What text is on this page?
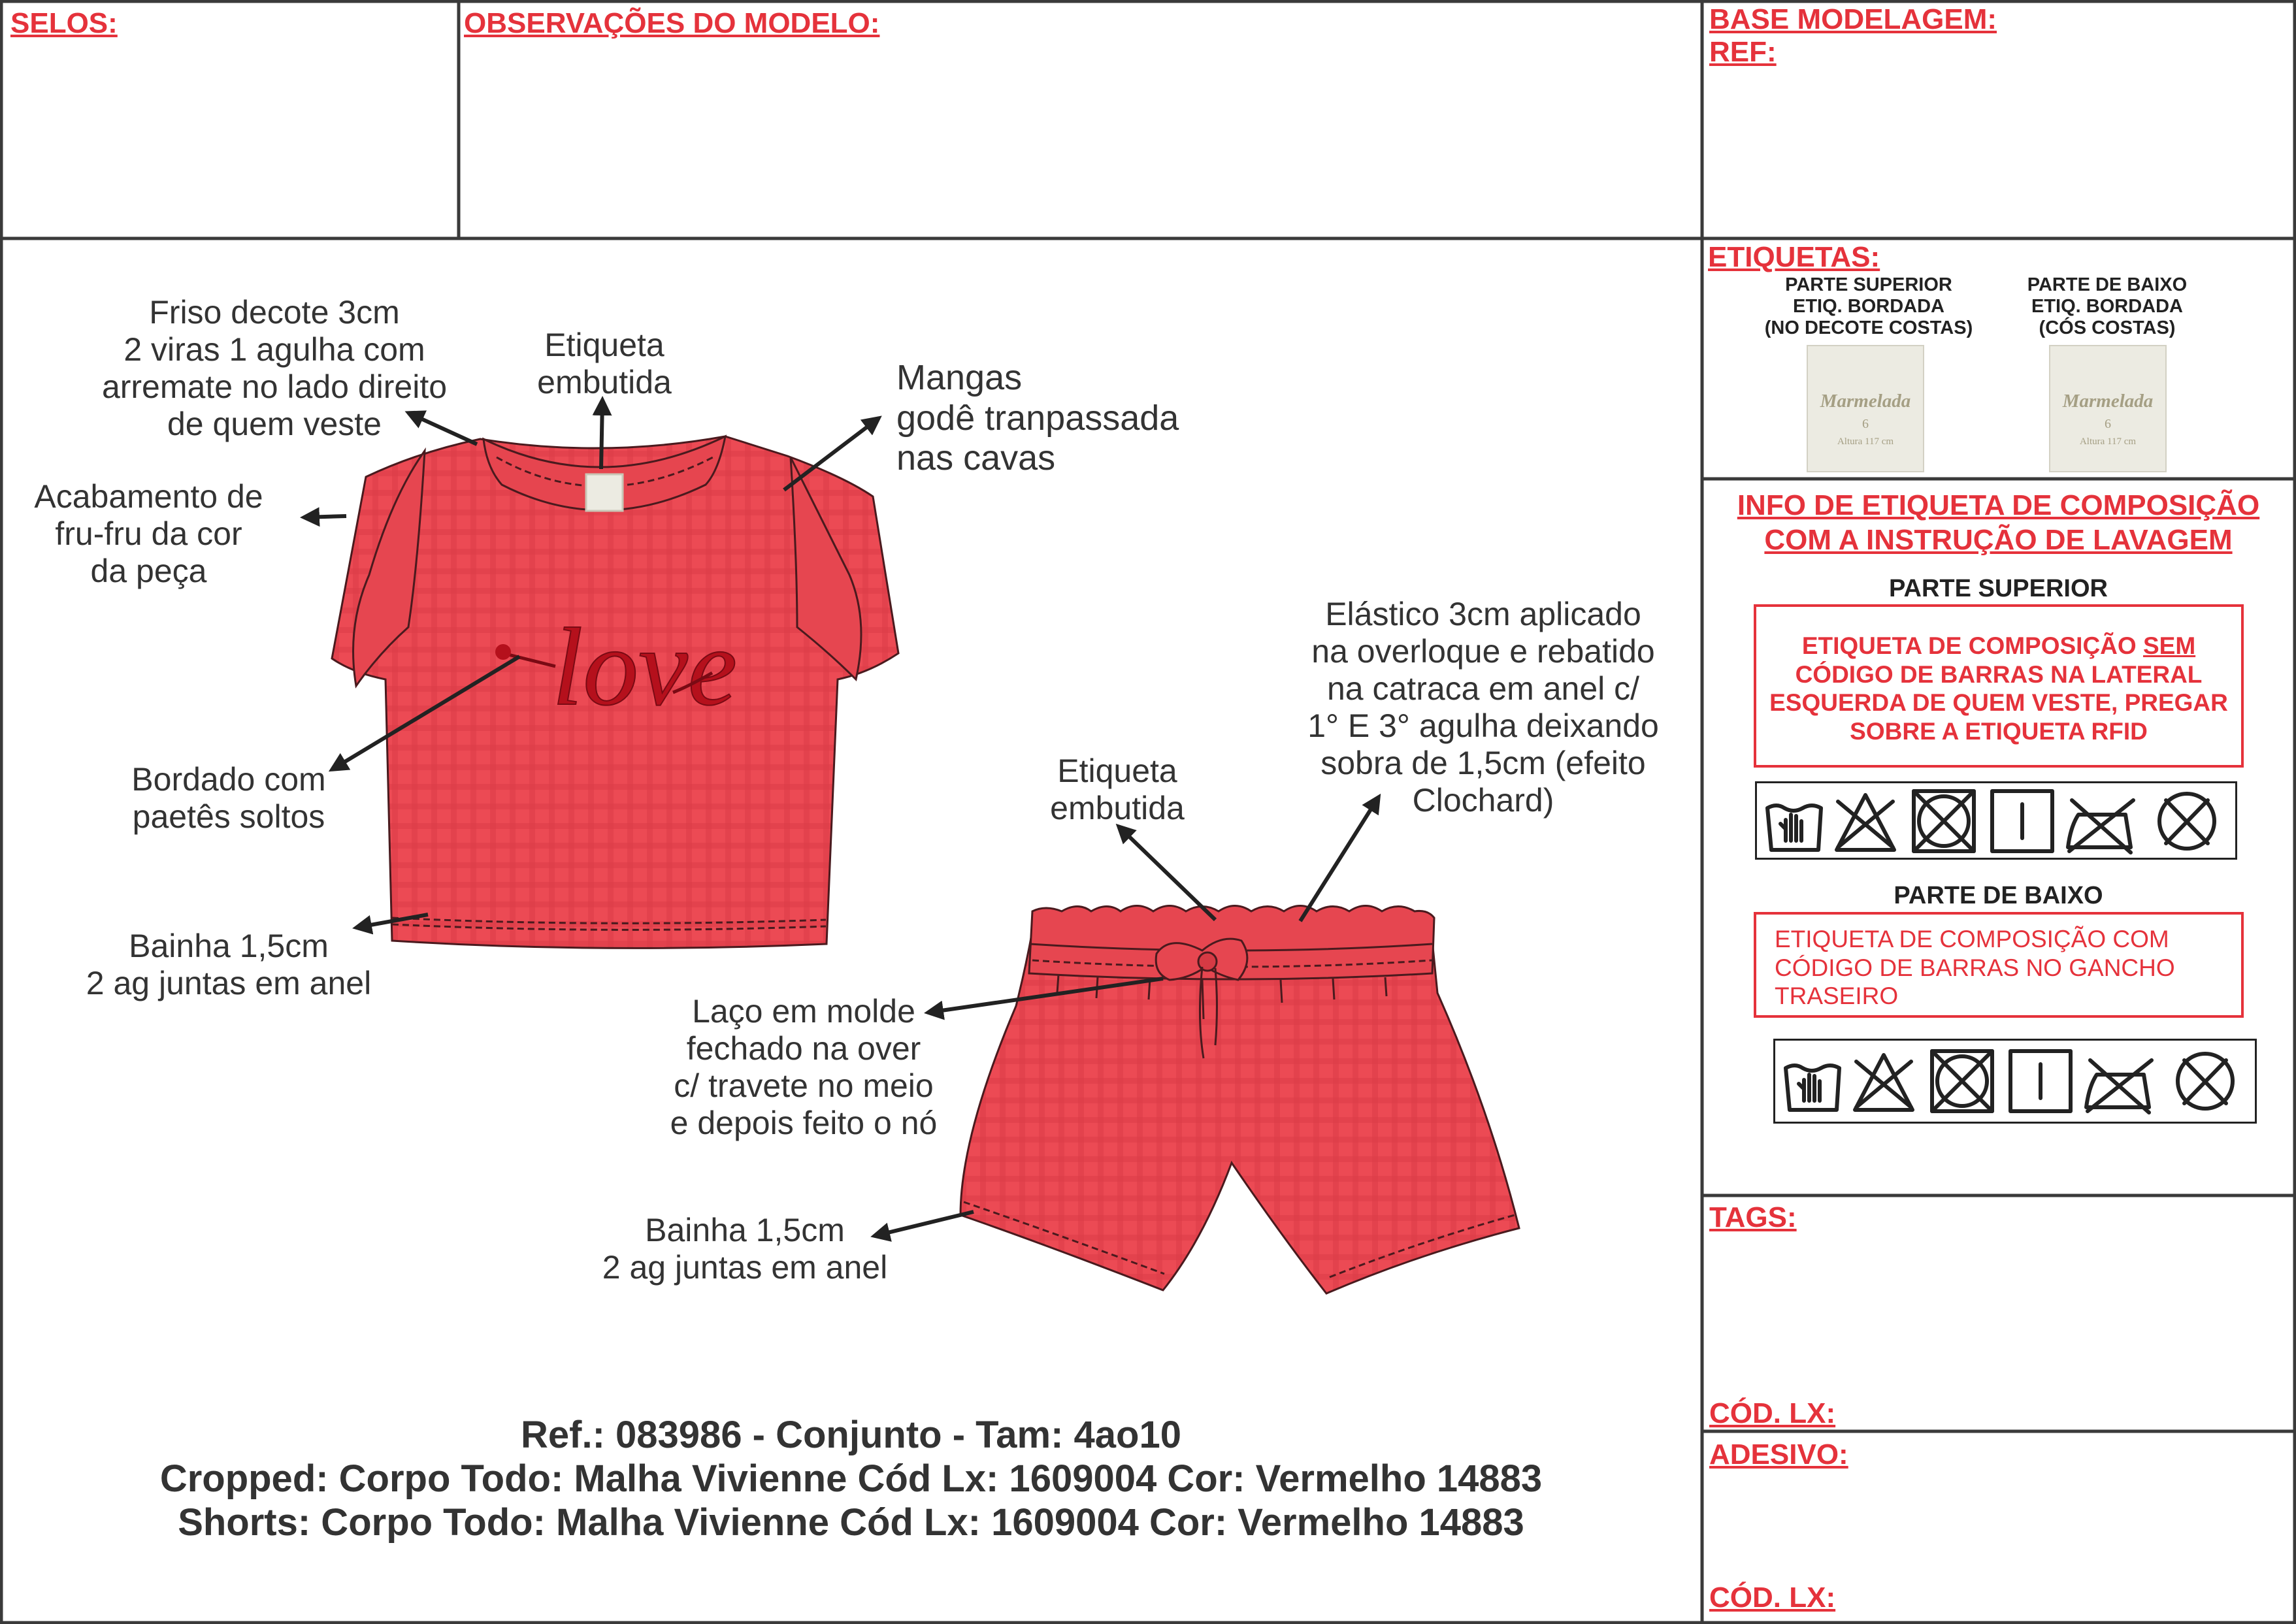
SELOS:	OBSERVAÇÕES DO MODELO:	BASE MODELAGEM:
REF:
ETIQUETAS:
TAGS:
CÓD. LX:
ADESIVO:
CÓD. LX:
PARTE SUPERIOR
ETIQ. BORDADA
(NO DECOTE COSTAS)
PARTE DE BAIXO
ETIQ. BORDADA
(CÓS COSTAS)
Marmelada
6
Altura 117 cm
Marmelada
6
Altura 117 cm
INFO DE ETIQUETA DE COMPOSIÇÃO
COM A INSTRUÇÃO DE LAVAGEM
PARTE SUPERIOR
ETIQUETA DE COMPOSIÇÃO SEM
CÓDIGO DE BARRAS NA LATERAL
ESQUERDA DE QUEM VESTE, PREGAR
SOBRE A ETIQUETA RFID
PARTE DE BAIXO
ETIQUETA DE COMPOSIÇÃO COM
CÓDIGO DE BARRAS NO GANCHO
TRASEIRO
love
Friso decote 3cm
2 viras 1 agulha com
arremate no lado direito
de quem veste
Etiqueta
embutida	Mangas
godê tranpassada
nas cavas
Acabamento de
fru-fru da cor
da peça
Bordado com
paetês soltos
Bainha 1,5cm
2 ag juntas em anel
Elástico 3cm aplicado
na overloque e rebatido
na catraca em anel c/
1° E 3° agulha deixando
sobra de 1,5cm (efeito
Clochard)
Etiqueta
embutida
Laço em molde
fechado na over
c/ travete no meio
e depois feito o nó
Bainha 1,5cm
2 ag juntas em anel
Ref.: 083986 - Conjunto - Tam: 4ao10
Cropped: Corpo Todo: Malha Vivienne Cód Lx: 1609004 Cor: Vermelho 14883
Shorts: Corpo Todo: Malha Vivienne Cód Lx: 1609004 Cor: Vermelho 14883
